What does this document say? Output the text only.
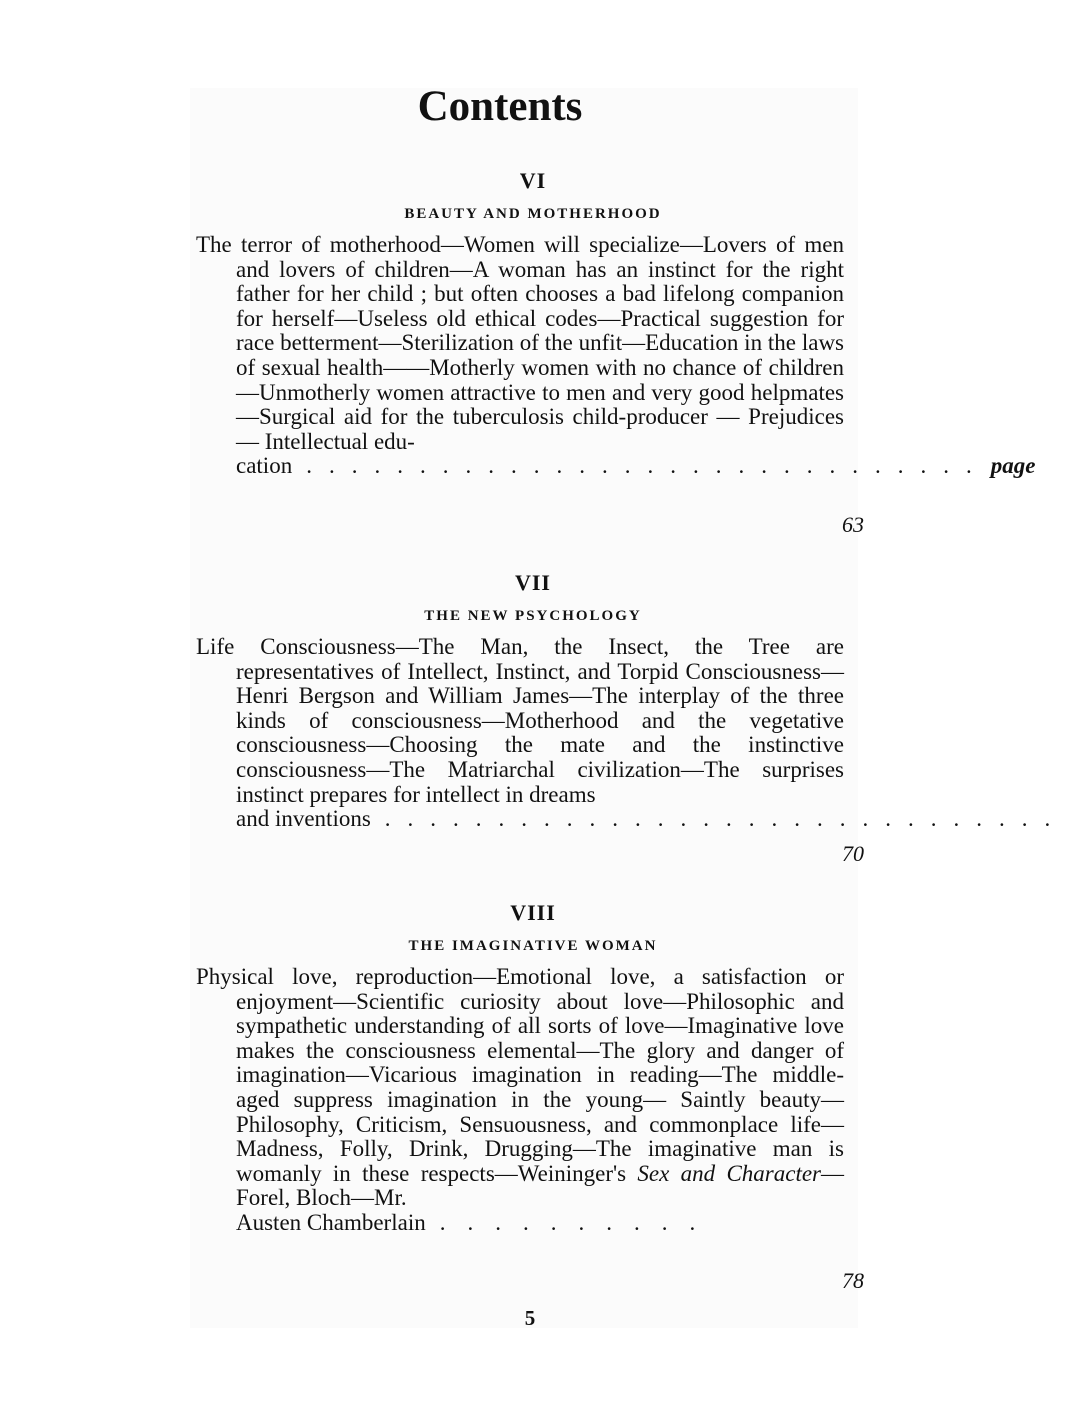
Contents

VI

BEAUTY AND MOTHERHOOD

The terror of motherhood—Women will specialize—Lovers of men and lovers of children—A woman has an instinct for the right father for her child ; but often chooses a bad lifelong companion for herself—Useless old ethical codes—Practical suggestion for race betterment—Sterilization of the unfit—Education in the laws of sexual health——Motherly women with no chance of children—Unmotherly women attractive to men and very good helpmates—Surgical aid for the tuberculosis child-producer — Prejudices — Intellectual edu-

cation .............................. page
63

VII

THE NEW PSYCHOLOGY

Life Consciousness—The Man, the Insect, the Tree are representatives of Intellect, Instinct, and Torpid Consciousness—Henri Bergson and William James—The interplay of the three kinds of consciousness—Motherhood and the vegetative consciousness—Choosing the mate and the instinctive consciousness—The Matriarchal civilization—The surprises instinct prepares for intellect in dreams

and inventions ..............................
70

VIII

THE IMAGINATIVE WOMAN

Physical love, reproduction—Emotional love, a satisfaction or enjoyment—Scientific curiosity about love—Philosophic and sympathetic understanding of all sorts of love—Imaginative love makes the consciousness elemental—The glory and danger of imagination—Vicarious imagination in reading—The middle-aged suppress imagination in the young— Saintly beauty—Philosophy, Criticism, Sensuousness, and commonplace life—Madness, Folly, Drink, Drugging—The imaginative man is womanly in these respects—Weininger's Sex and Character—Forel, Bloch—Mr.

Austen Chamberlain ..........
78
5
